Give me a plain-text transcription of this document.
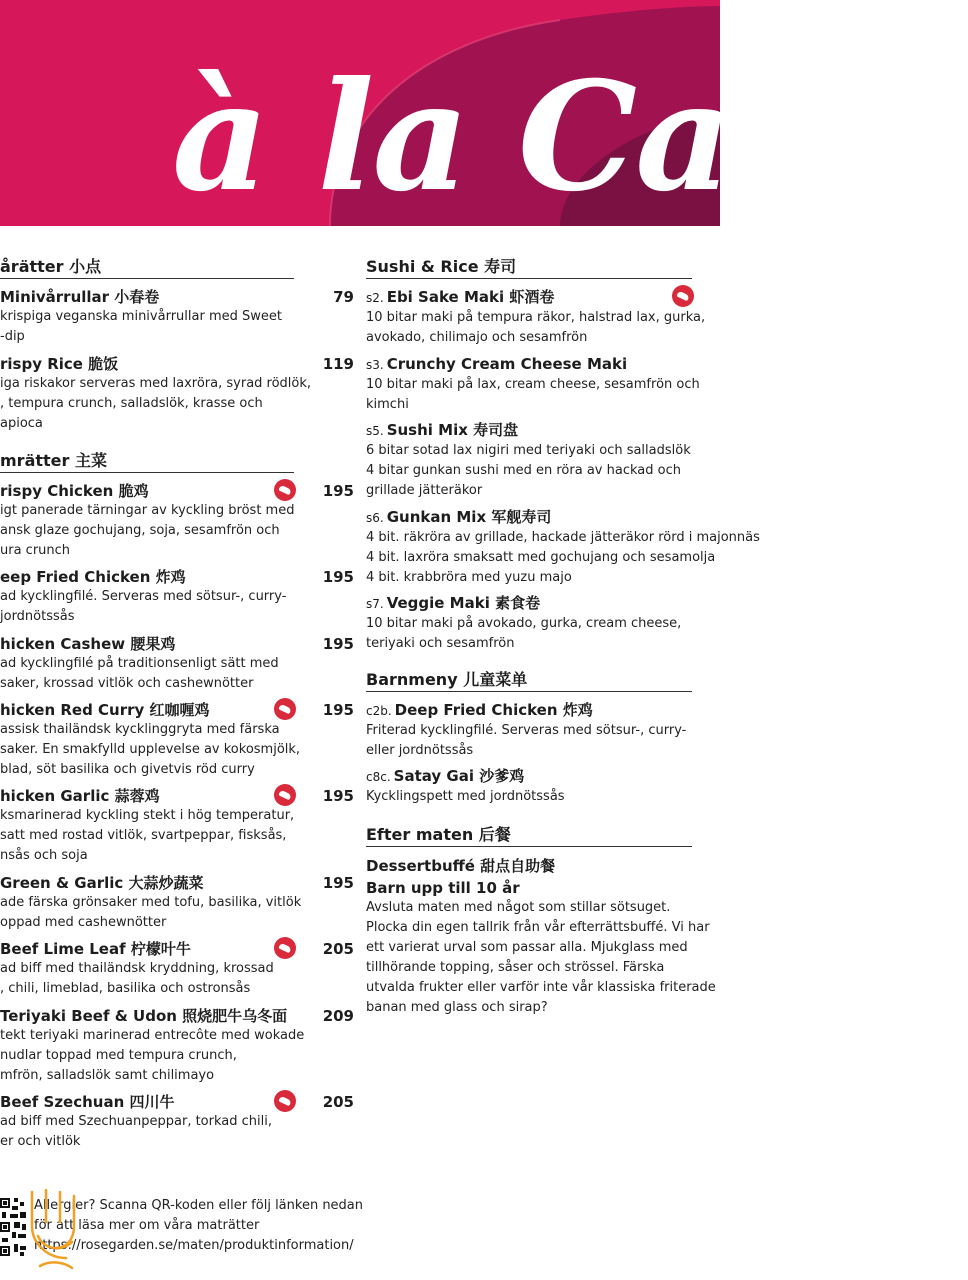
à la Carte
årätter 小点
mrätter 主菜
Minivårrullar 小春卷
krispiga veganska minivårrullar med Sweet
-dip
79
rispy Rice 脆饭
iga riskakor serveras med laxröra, syrad rödlök,
, tempura crunch, salladslök, krasse och
apioca
119
rispy Chicken 脆鸡
igt panerade tärningar av kyckling bröst med
ansk glaze gochujang, soja, sesamfrön och
ura crunch
195
eep Fried Chicken 炸鸡
ad kycklingfilé. Serveras med sötsur-, curry-
jordnötssås
195
hicken Cashew 腰果鸡
ad kycklingfilé på traditionsenligt sätt med
saker, krossad vitlök och cashewnötter
195
hicken Red Curry 红咖喱鸡
assisk thailändsk kycklinggryta med färska
saker. En smakfylld upplevelse av kokosmjölk,
blad, söt basilika och givetvis röd curry
195
hicken Garlic 蒜蓉鸡
ksmarinerad kyckling stekt i hög temperatur,
satt med rostad vitlök, svartpeppar, fisksås,
nsås och soja
195
Green & Garlic 大蒜炒蔬菜
ade färska grönsaker med tofu, basilika, vitlök
oppad med cashewnötter
195
Beef Lime Leaf 柠檬叶牛
ad biff med thailändsk kryddning, krossad
, chili, limeblad, basilika och ostronsås
205
Teriyaki Beef & Udon 照烧肥牛乌冬面
tekt teriyaki marinerad entrecôte med wokade
nudlar toppad med tempura crunch,
mfrön, salladslök samt chilimayo
209
Beef Szechuan 四川牛
ad biff med Szechuanpeppar, torkad chili,
er och vitlök
205
Sushi & Rice 寿司
Barnmeny 儿童菜单
Efter maten 后餐
s2. Ebi Sake Maki 虾酒卷
10 bitar maki på tempura räkor, halstrad lax, gurka,
avokado, chilimajo och sesamfrön
s3. Crunchy Cream Cheese Maki
10 bitar maki på lax, cream cheese, sesamfrön och
kimchi
s5. Sushi Mix 寿司盘
6 bitar sotad lax nigiri med teriyaki och salladslök
4 bitar gunkan sushi med en röra av hackad och
grillade jätteräkor
s6. Gunkan Mix 军舰寿司
4 bit. räkröra av grillade, hackade jätteräkor rörd i majonnäs
4 bit. laxröra smaksatt med gochujang och sesamolja
4 bit. krabbröra med yuzu majo
s7. Veggie Maki 素食卷
10 bitar maki på avokado, gurka, cream cheese,
teriyaki och sesamfrön
c2b. Deep Fried Chicken 炸鸡
Friterad kycklingfilé. Serveras med sötsur-, curry-
eller jordnötssås
c8c. Satay Gai 沙爹鸡
Kycklingspett med jordnötssås
Dessertbuffé 甜点自助餐
Barn upp till 10 år
Avsluta maten med något som stillar sötsuget.
Plocka din egen tallrik från vår efterrättsbuffé. Vi har
ett varierat urval som passar alla. Mjukglass med
tillhörande topping, såser och strössel. Färska
utvalda frukter eller varför inte vår klassiska friterade
banan med glass och sirap?
Allergier? Scanna QR-koden eller följ länken nedan
för att läsa mer om våra maträtter
https://rosegarden.se/maten/produktinformation/
